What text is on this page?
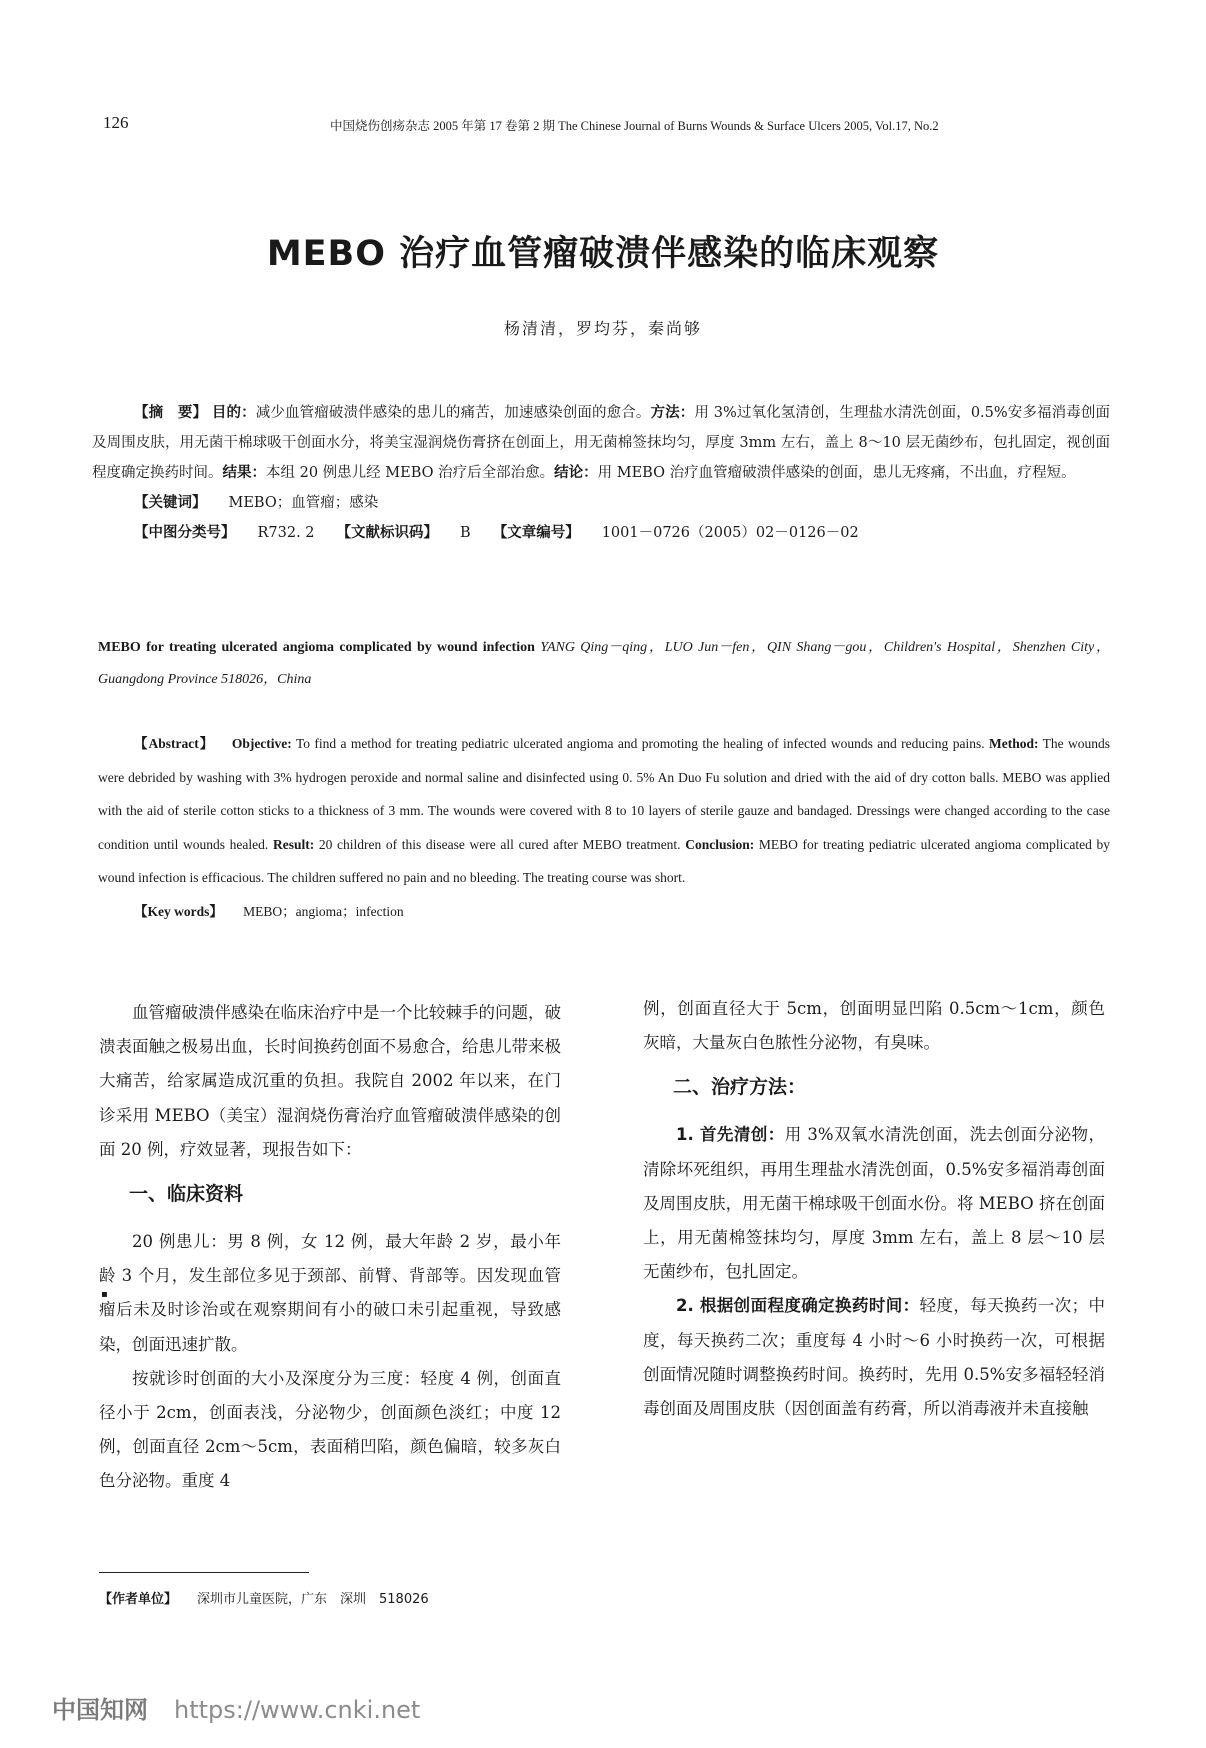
126	中国烧伤创疡杂志 2005 年第 17 卷第 2 期 The Chinese Journal of Burns Wounds & Surface Ulcers 2005, Vol.17, No.2
MEBO 治疗血管瘤破溃伴感染的临床观察
杨清清，罗均芬，秦尚够

【摘　要】 目的：减少血管瘤破溃伴感染的患儿的痛苦，加速感染创面的愈合。方法：用 3%过氧化氢清创，生理盐水清洗创面，0.5%安多福消毒创面及周围皮肤，用无菌干棉球吸干创面水分，将美宝湿润烧伤膏挤在创面上，用无菌棉签抹均匀，厚度 3mm 左右，盖上 8～10 层无菌纱布，包扎固定，视创面程度确定换药时间。结果：本组 20 例患儿经 MEBO 治疗后全部治愈。结论：用 MEBO 治疗血管瘤破溃伴感染的创面，患儿无疼痛，不出血，疗程短。

【关键词】 MEBO；血管瘤；感染

【中图分类号】 R732. 2 【文献标识码】 B 【文章编号】 1001－0726（2005）02－0126－02

MEBO for treating ulcerated angioma complicated by wound infection YANG Qing－qing，LUO Jun－fen，QIN Shang－gou，Children's Hospital，Shenzhen City，Guangdong Province 518026，China

【Abstract】 Objective: To find a method for treating pediatric ulcerated angioma and promoting the healing of infected wounds and reducing pains. Method: The wounds were debrided by washing with 3% hydrogen peroxide and normal saline and disinfected using 0. 5% An Duo Fu solution and dried with the aid of dry cotton balls. MEBO was applied with the aid of sterile cotton sticks to a thickness of 3 mm. The wounds were covered with 8 to 10 layers of sterile gauze and bandaged. Dressings were changed according to the case condition until wounds healed. Result: 20 children of this disease were all cured after MEBO treatment. Conclusion: MEBO for treating pediatric ulcerated angioma complicated by wound infection is efficacious. The children suffered no pain and no bleeding. The treating course was short.

【Key words】 MEBO；angioma；infection

血管瘤破溃伴感染在临床治疗中是一个比较棘手的问题，破溃表面触之极易出血，长时间换药创面不易愈合，给患儿带来极大痛苦，给家属造成沉重的负担。我院自 2002 年以来，在门诊采用 MEBO（美宝）湿润烧伤膏治疗血管瘤破溃伴感染的创面 20 例，疗效显著，现报告如下：

一、临床资料

20 例患儿：男 8 例，女 12 例，最大年龄 2 岁，最小年龄 3 个月，发生部位多见于颈部、前臂、背部等。因发现血管瘤后未及时诊治或在观察期间有小的破口未引起重视，导致感染，创面迅速扩散。

按就诊时创面的大小及深度分为三度：轻度 4 例，创面直径小于 2cm，创面表浅，分泌物少，创面颜色淡红；中度 12 例，创面直径 2cm～5cm，表面稍凹陷，颜色偏暗，较多灰白色分泌物。重度 4

▪

例，创面直径大于 5cm，创面明显凹陷 0.5cm～1cm，颜色灰暗，大量灰白色脓性分泌物，有臭味。

二、治疗方法：

1. 首先清创：用 3%双氧水清洗创面，洗去创面分泌物，清除坏死组织，再用生理盐水清洗创面，0.5%安多福消毒创面及周围皮肤，用无菌干棉球吸干创面水份。将 MEBO 挤在创面上，用无菌棉签抹均匀，厚度 3mm 左右，盖上 8 层～10 层无菌纱布，包扎固定。

2. 根据创面程度确定换药时间：轻度，每天换药一次；中度，每天换药二次；重度每 4 小时～6 小时换药一次，可根据创面情况随时调整换药时间。换药时，先用 0.5%安多福轻轻消毒创面及周围皮肤（因创面盖有药膏，所以消毒液并未直接触

【作者单位】 深圳市儿童医院，广东　深圳　518026
中国知网 https://www.cnki.net
